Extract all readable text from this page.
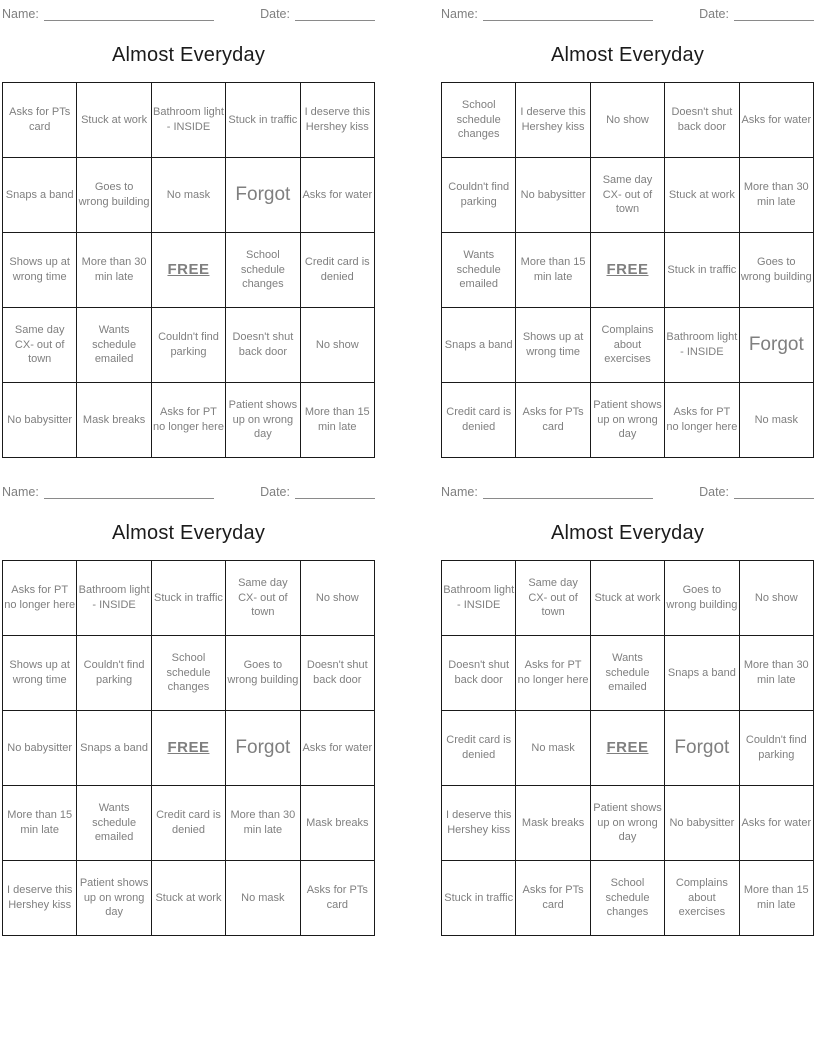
Name:	Date:
Almost Everyday
Asks for PTs card	Stuck at work	Bathroom light - INSIDE	Stuck in traffic	I deserve this Hershey kiss
Snaps a band	Goes to wrong building	No mask	Forgot	Asks for water
Shows up at wrong time	More than 30 min late	FREE	School schedule changes	Credit card is denied
Same day CX- out of town	Wants schedule emailed	Couldn't find parking	Doesn't shut back door	No show
No babysitter	Mask breaks	Asks for PT no longer here	Patient shows up on wrong day	More than 15 min late
Name:	Date:
Almost Everyday
School schedule changes	I deserve this Hershey kiss	No show	Doesn't shut back door	Asks for water
Couldn't find parking	No babysitter	Same day CX- out of town	Stuck at work	More than 30 min late
Wants schedule emailed	More than 15 min late	FREE	Stuck in traffic	Goes to wrong building
Snaps a band	Shows up at wrong time	Complains about exercises	Bathroom light - INSIDE	Forgot
Credit card is denied	Asks for PTs card	Patient shows up on wrong day	Asks for PT no longer here	No mask
Name:	Date:
Almost Everyday
Asks for PT no longer here	Bathroom light - INSIDE	Stuck in traffic	Same day CX- out of town	No show
Shows up at wrong time	Couldn't find parking	School schedule changes	Goes to wrong building	Doesn't shut back door
No babysitter	Snaps a band	FREE	Forgot	Asks for water
More than 15 min late	Wants schedule emailed	Credit card is denied	More than 30 min late	Mask breaks
I deserve this Hershey kiss	Patient shows up on wrong day	Stuck at work	No mask	Asks for PTs card
Name:	Date:
Almost Everyday
Bathroom light - INSIDE	Same day CX- out of town	Stuck at work	Goes to wrong building	No show
Doesn't shut back door	Asks for PT no longer here	Wants schedule emailed	Snaps a band	More than 30 min late
Credit card is denied	No mask	FREE	Forgot	Couldn't find parking
I deserve this Hershey kiss	Mask breaks	Patient shows up on wrong day	No babysitter	Asks for water
Stuck in traffic	Asks for PTs card	School schedule changes	Complains about exercises	More than 15 min late
